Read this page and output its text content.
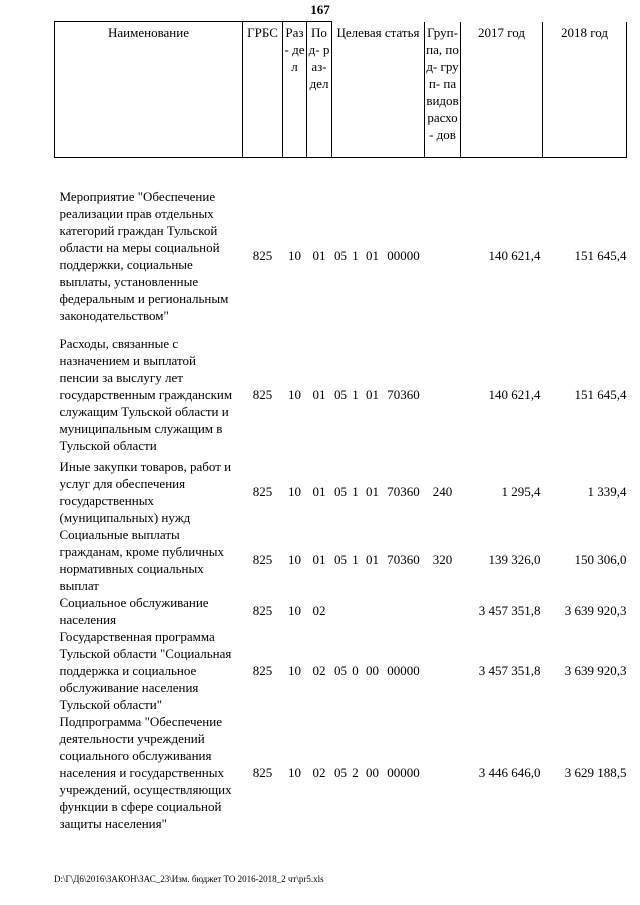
167
Наименование	ГРБС	Раз- дел	Под- раз- дел	Целевая статья	Груп- па, под- груп- па видов расхо- дов	2017 год	2018 год

Мероприятие "Обеспечение реализации прав отдельных категорий граждан Тульской области на меры социальной поддержки, социальные выплаты, установленные федеральным и региональным законодательством"	825	10	01	05 1 01 00000		140 621,4	151 645,4
Расходы, связанные с назначением и выплатой пенсии за выслугу лет государственным гражданским служащим Тульской области и муниципальным служащим в Тульской области	825	10	01	05 1 01 70360		140 621,4	151 645,4
Иные закупки товаров, работ и услуг для обеспечения государственных (муниципальных) нужд	825	10	01	05 1 01 70360	240	1 295,4	1 339,4
Социальные выплаты гражданам, кроме публичных нормативных социальных выплат	825	10	01	05 1 01 70360	320	139 326,0	150 306,0
Социальное обслуживание населения	825	10	02			3 457 351,8	3 639 920,3
Государственная программа Тульской области "Социальная поддержка и социальное обслуживание населения Тульской области"	825	10	02	05 0 00 00000		3 457 351,8	3 639 920,3
Подпрограмма "Обеспечение деятельности учреждений социального обслуживания населения и государственных учреждений, осуществляющих функции в сфере социальной защиты населения"	825	10	02	05 2 00 00000		3 446 646,0	3 629 188,5
D:\Г\Д6\2016\ЗАКОН\ЗАС_23\Изм. бюджет ТО 2016-2018_2 чт\pr5.xls
